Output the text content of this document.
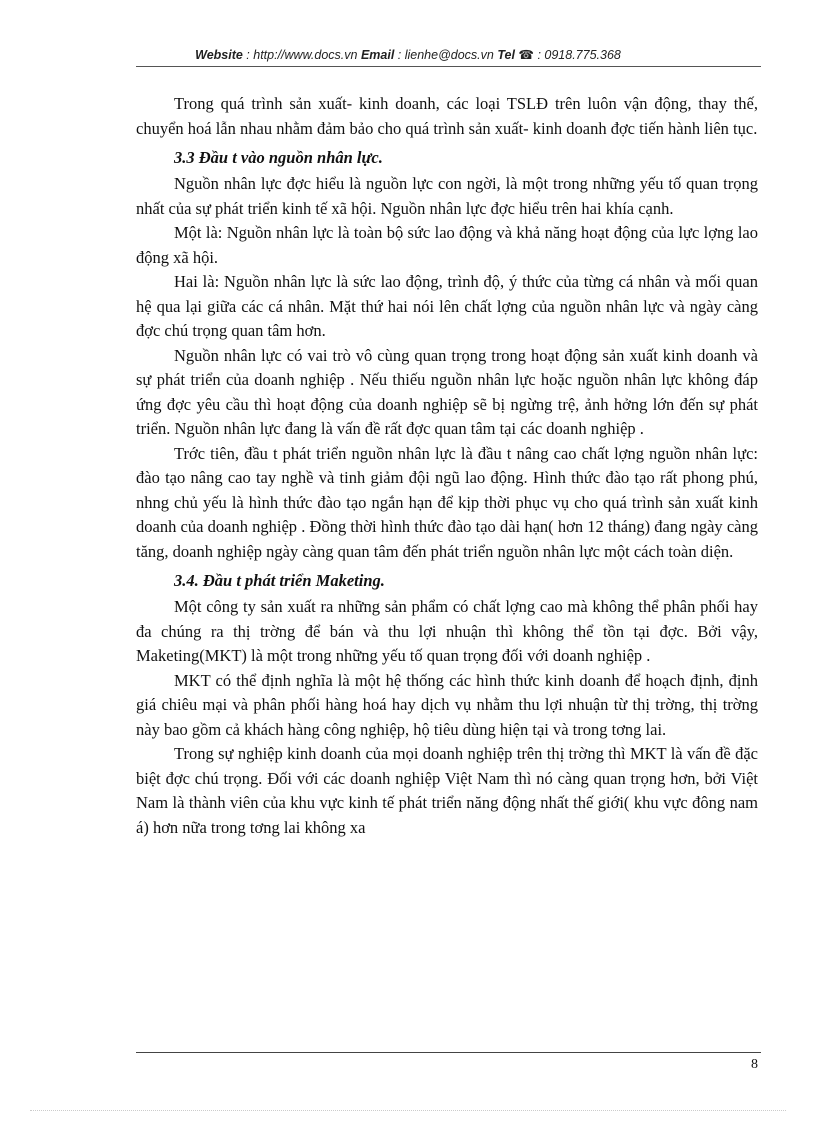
Website : http://www.docs.vn Email : lienhe@docs.vn Tel ☎ : 0918.775.368

Trong quá trình sản xuất- kinh doanh, các loại TSLĐ trên luôn vận động, thay thế, chuyển hoá lẫn nhau nhằm đảm bảo cho quá trình sản xuất- kinh doanh đợc tiến hành liên tục.

3.3 Đầu t vào nguồn nhân lực.

Nguồn nhân lực đợc hiểu là nguồn lực con ngời, là một trong những yếu tố quan trọng nhất của sự phát triển kinh tế xã hội. Nguồn nhân lực đợc hiểu trên hai khía cạnh.

Một là: Nguồn nhân lực là toàn bộ sức lao động và khả năng hoạt động của lực lợng lao động xã hội.

Hai là: Nguồn nhân lực là sức lao động, trình độ, ý thức của từng cá nhân và mối quan hệ qua lại giữa các cá nhân. Mặt thứ hai nói lên chất lợng của nguồn nhân lực và ngày càng đợc chú trọng quan tâm hơn.

Nguồn nhân lực có vai trò vô cùng quan trọng trong hoạt động sản xuất kinh doanh và sự phát triển của doanh nghiệp . Nếu thiếu nguồn nhân lực hoặc nguồn nhân lực không đáp ứng đợc yêu cầu thì hoạt động của doanh nghiệp sẽ bị ngừng trệ, ảnh hởng lớn đến sự phát triển. Nguồn nhân lực đang là vấn đề rất đợc quan tâm tại các doanh nghiệp .

Trớc tiên, đầu t phát triển nguồn nhân lực là đầu t nâng cao chất lợng nguồn nhân lực: đào tạo nâng cao tay nghề và tinh giảm đội ngũ lao động. Hình thức đào tạo rất phong phú, nhng chủ yếu là hình thức đào tạo ngắn hạn để kịp thời phục vụ cho quá trình sản xuất kinh doanh của doanh nghiệp . Đồng thời hình thức đào tạo dài hạn( hơn 12 tháng) đang ngày càng tăng, doanh nghiệp ngày càng quan tâm đến phát triển nguồn nhân lực một cách toàn diện.

3.4. Đầu t phát triển Maketing.

Một công ty sản xuất ra những sản phẩm có chất lợng cao mà không thể phân phối hay đa chúng ra thị trờng để bán và thu lợi nhuận thì không thể tồn tại đợc. Bởi vậy, Maketing(MKT) là một trong những yếu tố quan trọng đối với doanh nghiệp .

MKT có thể định nghĩa là một hệ thống các hình thức kinh doanh để hoạch định, định giá chiêu mại và phân phối hàng hoá hay dịch vụ nhằm thu lợi nhuận từ thị trờng, thị trờng này bao gồm cả khách hàng công nghiệp, hộ tiêu dùng hiện tại và trong tơng lai.

Trong sự nghiệp kinh doanh của mọi doanh nghiệp trên thị trờng thì MKT là vấn đề đặc biệt đợc chú trọng. Đối với các doanh nghiệp Việt Nam thì nó càng quan trọng hơn, bởi Việt Nam là thành viên của khu vực kinh tế phát triển năng động nhất thế giới( khu vực đông nam á) hơn nữa trong tơng lai không xa

8
